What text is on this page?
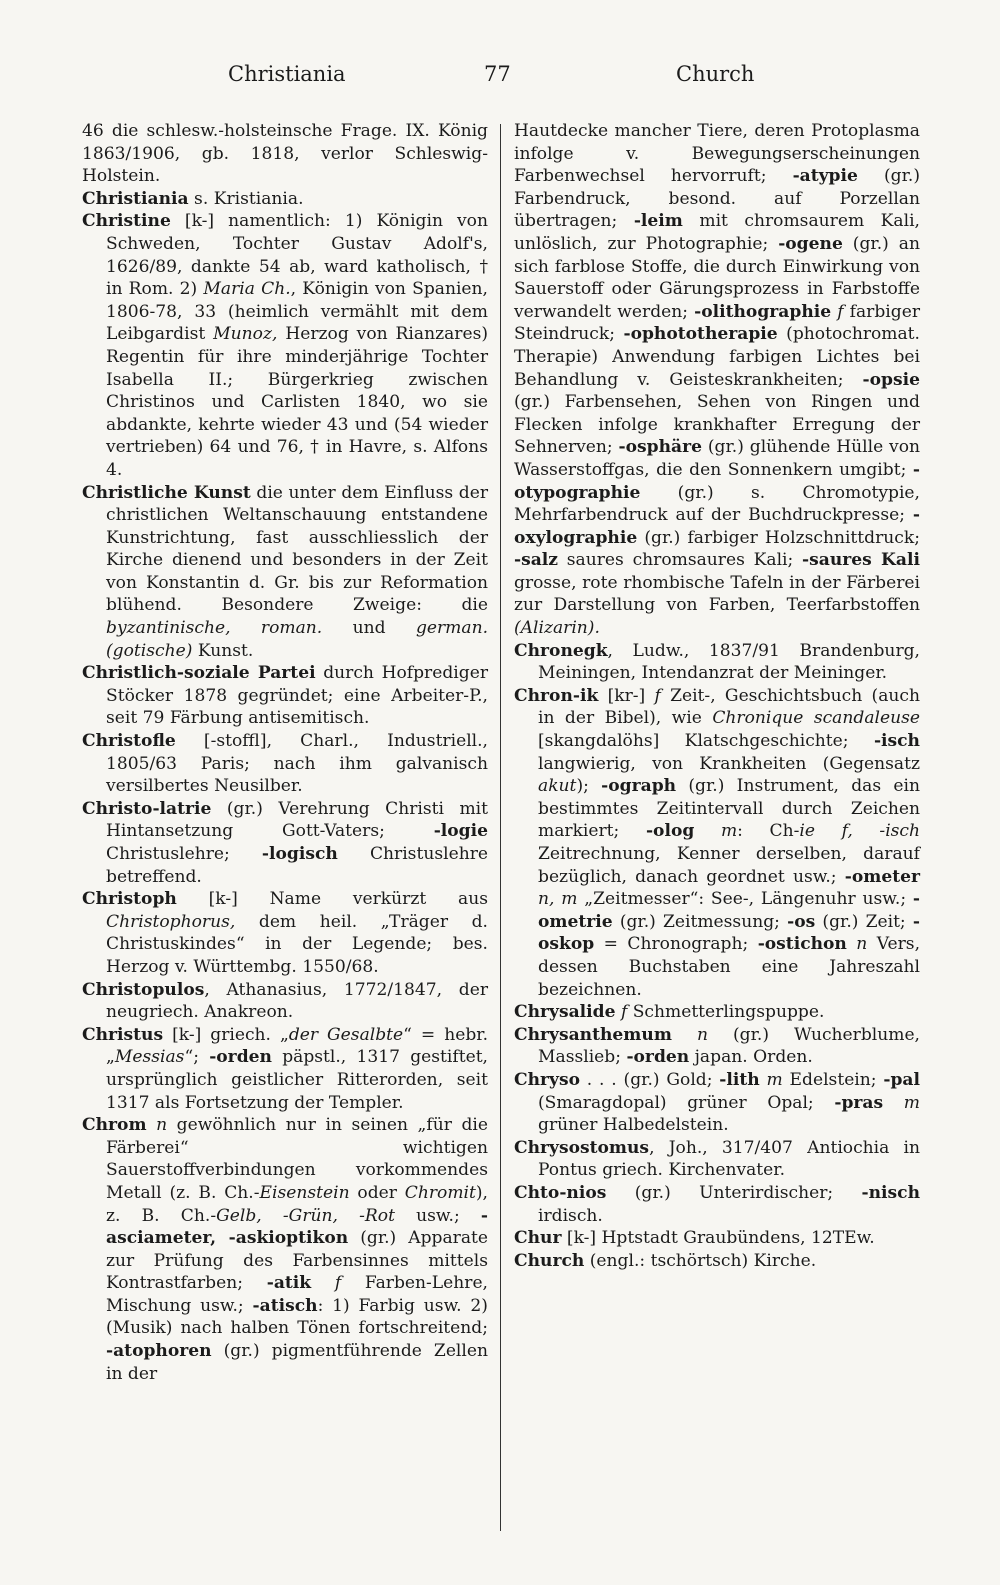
Christiania	77	Church

46 die schlesw.-holsteinsche Frage. IX. König 1863/1906, gb. 1818, verlor Schleswig-Holstein.

Christiania s. Kristiania.

Christine [k-] namentlich: 1) Königin von Schweden, Tochter Gustav Adolf's, 1626/89, dankte 54 ab, ward katholisch, † in Rom. 2) Maria Ch., Königin von Spanien, 1806-78, 33 (heimlich vermählt mit dem Leibgardist Munoz, Herzog von Rianzares) Regentin für ihre minderjährige Tochter Isabella II.; Bürgerkrieg zwischen Christinos und Carlisten 1840, wo sie abdankte, kehrte wieder 43 und (54 wieder vertrieben) 64 und 76, † in Havre, s. Alfons 4.

Christliche Kunst die unter dem Einfluss der christlichen Weltanschauung entstandene Kunstrichtung, fast ausschliesslich der Kirche dienend und besonders in der Zeit von Konstantin d. Gr. bis zur Reformation blühend. Besondere Zweige: die byzantinische, roman. und german. (gotische) Kunst.

Christlich-soziale Partei durch Hofprediger Stöcker 1878 gegründet; eine Arbeiter-P., seit 79 Färbung antisemitisch.

Christofle [-stoffl], Charl., Industriell., 1805/63 Paris; nach ihm galvanisch versilbertes Neusilber.

Christo-latrie (gr.) Verehrung Christi mit Hintansetzung Gott-Vaters; -logie Christuslehre; -logisch Christuslehre betreffend.

Christoph [k-] Name verkürzt aus Christophorus, dem heil. „Träger d. Christuskindes“ in der Legende; bes. Herzog v. Württembg. 1550/68.

Christopulos, Athanasius, 1772/1847, der neugriech. Anakreon.

Christus [k-] griech. „der Gesalbte“ = hebr. „Messias“; -orden päpstl., 1317 gestiftet, ursprünglich geistlicher Ritterorden, seit 1317 als Fortsetzung der Templer.

Chrom n gewöhnlich nur in seinen „für die Färberei“ wichtigen Sauerstoffverbindungen vorkommendes Metall (z. B. Ch.-Eisenstein oder Chromit), z. B. Ch.-Gelb, -Grün, -Rot usw.; -asciameter, -askioptikon (gr.) Apparate zur Prüfung des Farbensinnes mittels Kontrastfarben; -atik f Farben-Lehre, Mischung usw.; -atisch: 1) Farbig usw. 2) (Musik) nach halben Tönen fortschreitend; -atophoren (gr.) pigmentführende Zellen in der

Hautdecke mancher Tiere, deren Protoplasma infolge v. Bewegungserscheinungen Farbenwechsel hervorruft; -atypie (gr.) Farbendruck, besond. auf Porzellan übertragen; -leim mit chromsaurem Kali, unlöslich, zur Photographie; -ogene (gr.) an sich farblose Stoffe, die durch Einwirkung von Sauerstoff oder Gärungsprozess in Farbstoffe verwandelt werden; -olithographie f farbiger Steindruck; -ophototherapie (photochromat. Therapie) Anwendung farbigen Lichtes bei Behandlung v. Geisteskrankheiten; -opsie (gr.) Farbensehen, Sehen von Ringen und Flecken infolge krankhafter Erregung der Sehnerven; -osphäre (gr.) glühende Hülle von Wasserstoffgas, die den Sonnenkern umgibt; -otypographie (gr.) s. Chromotypie, Mehrfarbendruck auf der Buchdruckpresse; -oxylographie (gr.) farbiger Holzschnittdruck; -salz saures chromsaures Kali; -saures Kali grosse, rote rhombische Tafeln in der Färberei zur Darstellung von Farben, Teerfarbstoffen (Alizarin).

Chronegk, Ludw., 1837/91 Brandenburg, Meiningen, Intendanzrat der Meininger.

Chron-ik [kr-] f Zeit-, Geschichtsbuch (auch in der Bibel), wie Chronique scandaleuse [skangdalöhs] Klatschgeschichte; -isch langwierig, von Krankheiten (Gegensatz akut); -ograph (gr.) Instrument, das ein bestimmtes Zeitintervall durch Zeichen markiert; -olog m: Ch-ie f, -isch Zeitrechnung, Kenner derselben, darauf bezüglich, danach geordnet usw.; -ometer n, m „Zeitmesser“: See-, Längenuhr usw.; -ometrie (gr.) Zeitmessung; -os (gr.) Zeit; -oskop = Chronograph; -ostichon n Vers, dessen Buchstaben eine Jahreszahl bezeichnen.

Chrysalide f Schmetterlingspuppe.

Chrysanthemum n (gr.) Wucherblume, Masslieb; -orden japan. Orden.

Chryso . . . (gr.) Gold; -lith m Edelstein; -pal (Smaragdopal) grüner Opal; -pras m grüner Halbedelstein.

Chrysostomus, Joh., 317/407 Antiochia in Pontus griech. Kirchenvater.

Chto-nios (gr.) Unterirdischer; -nisch irdisch.

Chur [k-] Hptstadt Graubündens, 12TEw.

Church (engl.: tschörtsch) Kirche.
